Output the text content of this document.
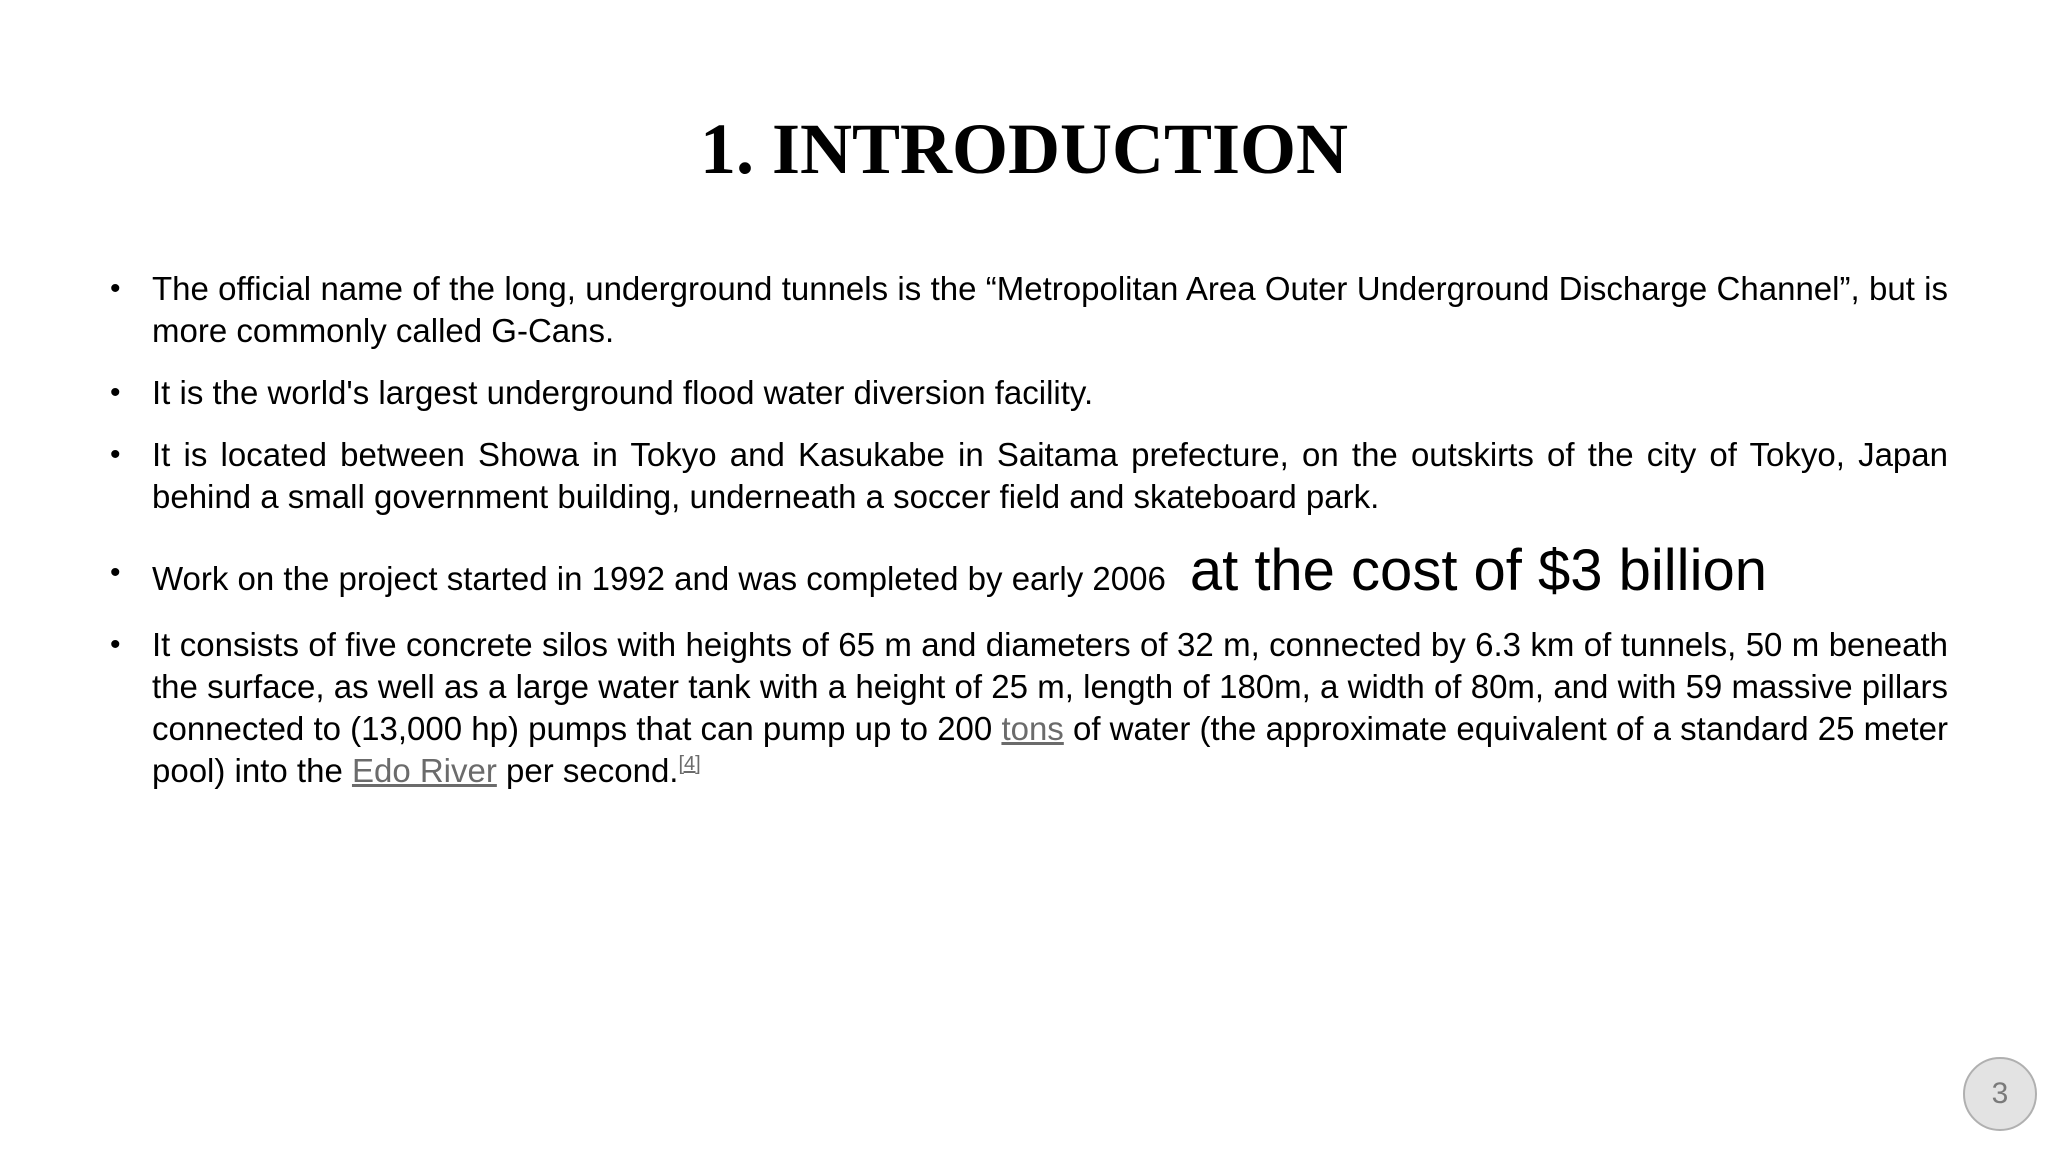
1. INTRODUCTION
• The official name of the long, underground tunnels is the “Metropolitan Area Outer Underground Discharge Channel”, but is more commonly called G-Cans.
• It is the world's largest underground flood water diversion facility.
• It is located between Showa in Tokyo and Kasukabe in Saitama prefecture, on the outskirts of the city of Tokyo, Japan behind a small government building, underneath a soccer field and skateboard park.
• Work on the project started in 1992 and was completed by early 2006 at the cost of $3 billion
• It consists of five concrete silos with heights of 65 m and diameters of 32 m, connected by 6.3 km of tunnels, 50 m beneath the surface, as well as a large water tank with a height of 25 m, length of 180m, a width of 80m, and with 59 massive pillars connected to (13,000 hp) pumps that can pump up to 200 tons of water (the approximate equivalent of a standard 25 meter pool) into the Edo River per second.[4]
3
